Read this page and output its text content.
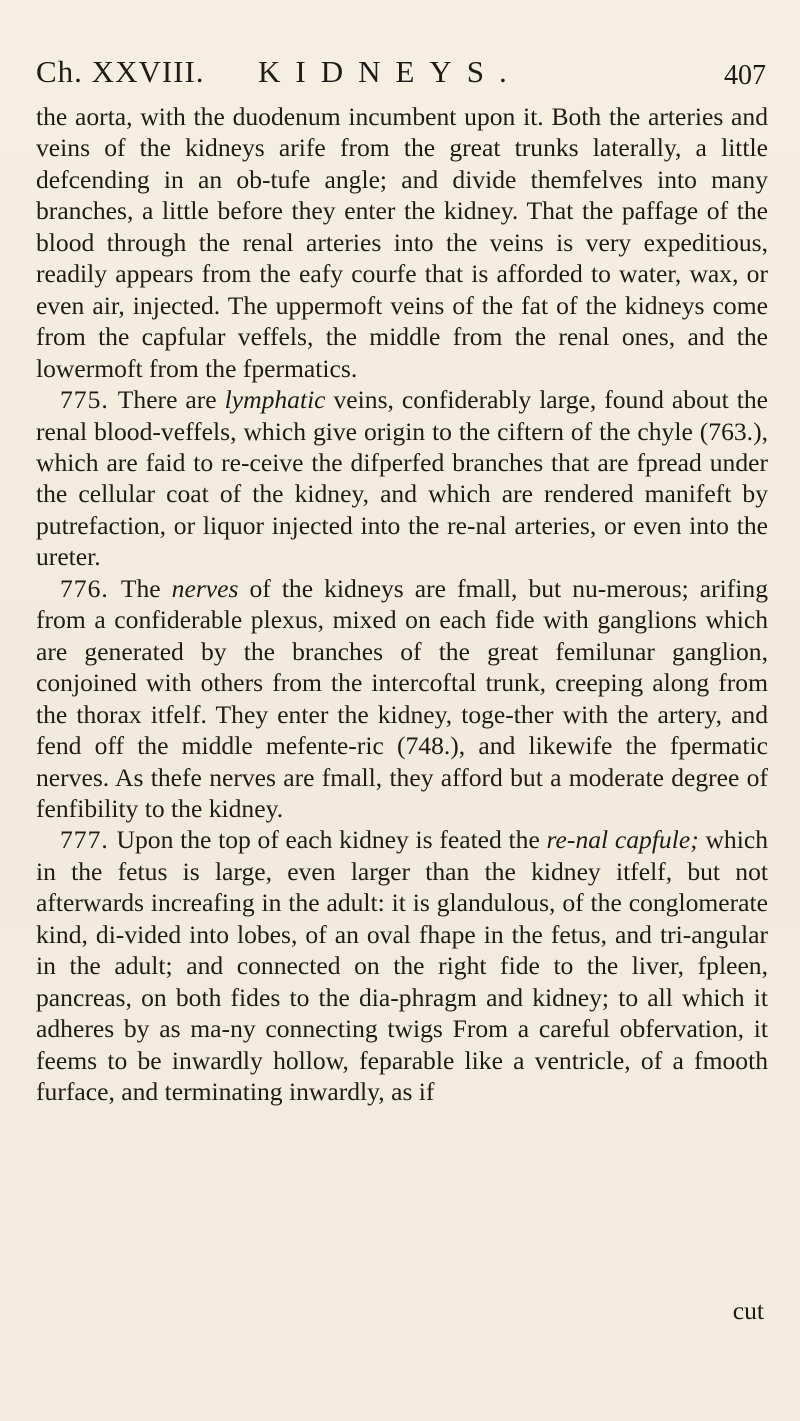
Ch. XXVIII. KIDNEYS.	407

the aorta, with the duodenum incumbent upon it. Both the arteries and veins of the kidneys arife from the great trunks laterally, a little defcending in an ob-tufe angle; and divide themfelves into many branches, a little before they enter the kidney. That the paffage of the blood through the renal arteries into the veins is very expeditious, readily appears from the eafy courfe that is afforded to water, wax, or even air, injected. The uppermoft veins of the fat of the kidneys come from the capfular veffels, the middle from the renal ones, and the lowermoft from the fpermatics.

775. There are lymphatic veins, confiderably large, found about the renal blood-veffels, which give origin to the ciftern of the chyle (763.), which are faid to re-ceive the difperfed branches that are fpread under the cellular coat of the kidney, and which are rendered manifeft by putrefaction, or liquor injected into the re-nal arteries, or even into the ureter.

776. The nerves of the kidneys are fmall, but nu-merous; arifing from a confiderable plexus, mixed on each fide with ganglions which are generated by the branches of the great femilunar ganglion, conjoined with others from the intercoftal trunk, creeping along from the thorax itfelf. They enter the kidney, toge-ther with the artery, and fend off the middle mefente-ric (748.), and likewife the fpermatic nerves. As thefe nerves are fmall, they afford but a moderate degree of fenfibility to the kidney.

777. Upon the top of each kidney is feated the re-nal capfule; which in the fetus is large, even larger than the kidney itfelf, but not afterwards increafing in the adult: it is glandulous, of the conglomerate kind, di-vided into lobes, of an oval fhape in the fetus, and tri-angular in the adult; and connected on the right fide to the liver, fpleen, pancreas, on both fides to the dia-phragm and kidney; to all which it adheres by as ma-ny connecting twigs From a careful obfervation, it feems to be inwardly hollow, feparable like a ventricle, of a fmooth furface, and terminating inwardly, as if

cut
